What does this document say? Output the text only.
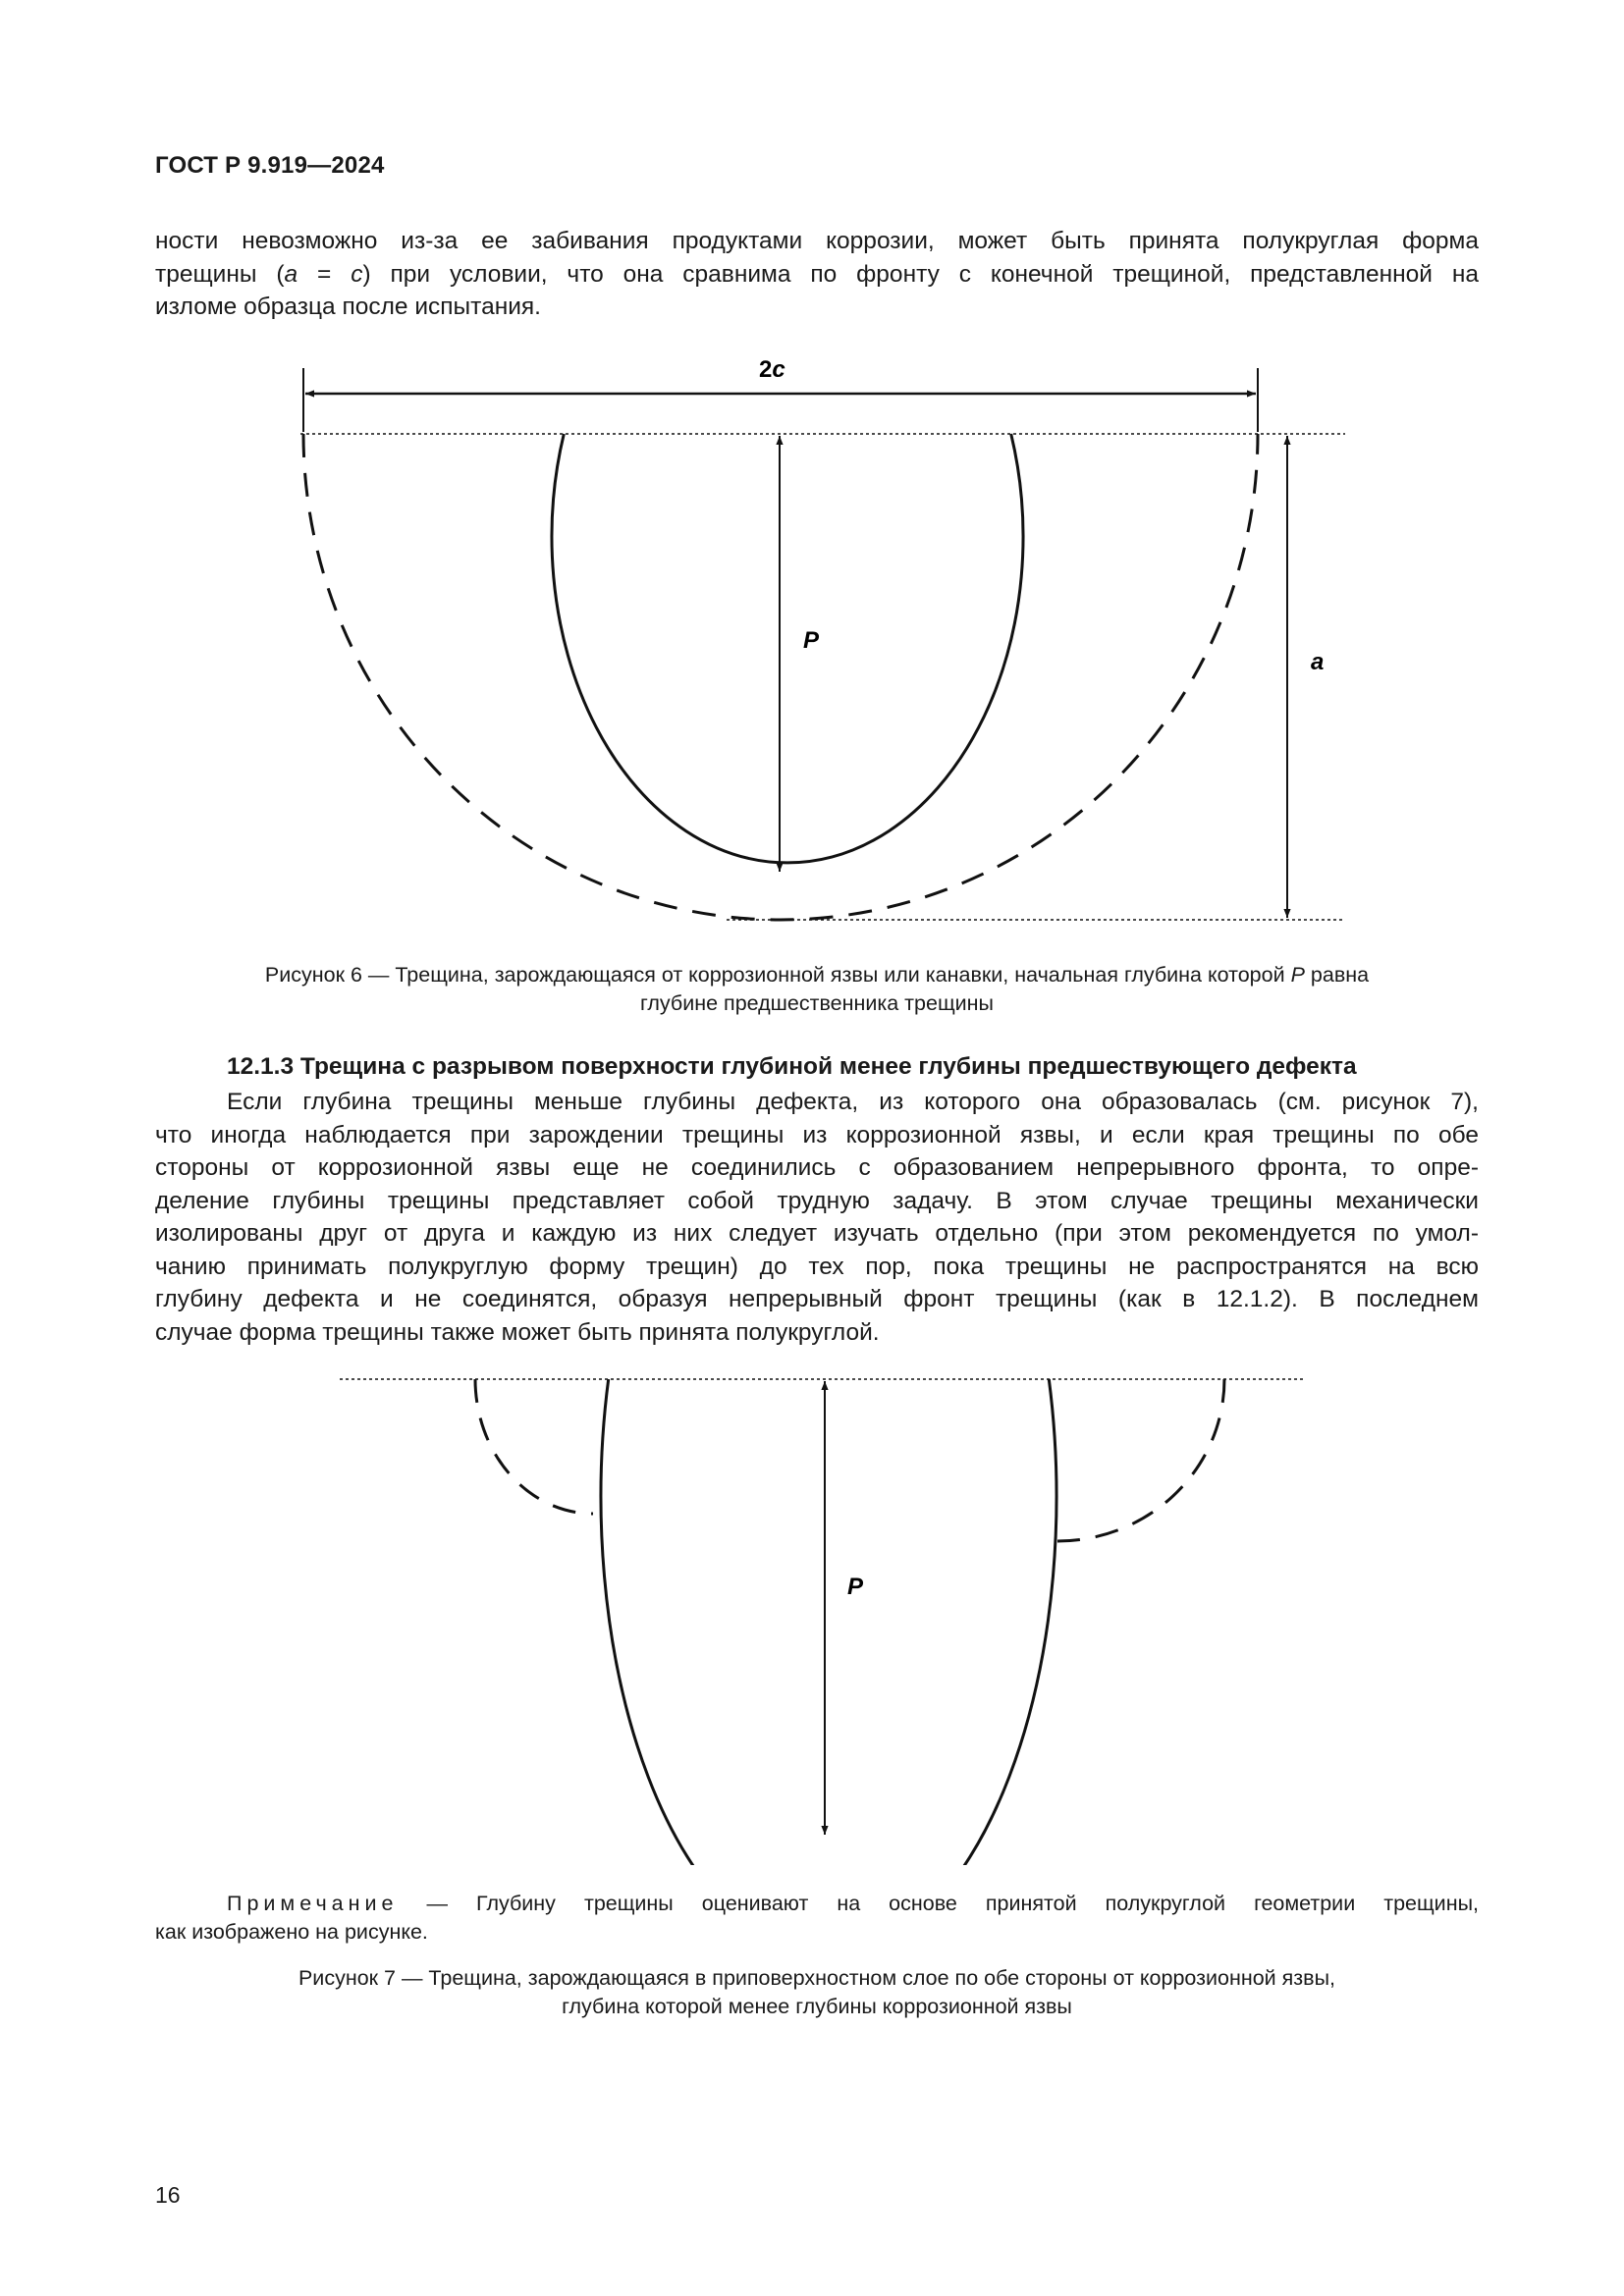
ГОСТ Р 9.919—2024
ности невозможно из-за ее забивания продуктами коррозии, может быть принята полукруглая форма
трещины (a = c) при условии, что она сравнима по фронту с конечной трещиной, представленной на
изломе образца после испытания.
2c
P
a
Рисунок 6 — Трещина, зарождающаяся от коррозионной язвы или канавки, начальная глубина которой P равна
глубине предшественника трещины
12.1.3 Трещина с разрывом поверхности глубиной менее глубины предшествующего дефекта
Если глубина трещины меньше глубины дефекта, из которого она образовалась (см. рисунок 7),
что иногда наблюдается при зарождении трещины из коррозионной язвы, и если края трещины по обе
стороны от коррозионной язвы еще не соединились с образованием непрерывного фронта, то опре-
деление глубины трещины представляет собой трудную задачу. В этом случае трещины механически
изолированы друг от друга и каждую из них следует изучать отдельно (при этом рекомендуется по умол-
чанию принимать полукруглую форму трещин) до тех пор, пока трещины не распространятся на всю
глубину дефекта и не соединятся, образуя непрерывный фронт трещины (как в 12.1.2). В последнем
случае форма трещины также может быть принята полукруглой.
P
Примечание — Глубину трещины оценивают на основе принятой полукруглой геометрии трещины,
как изображено на рисунке.
Рисунок 7 — Трещина, зарождающаяся в приповерхностном слое по обе стороны от коррозионной язвы,
глубина которой менее глубины коррозионной язвы
16
